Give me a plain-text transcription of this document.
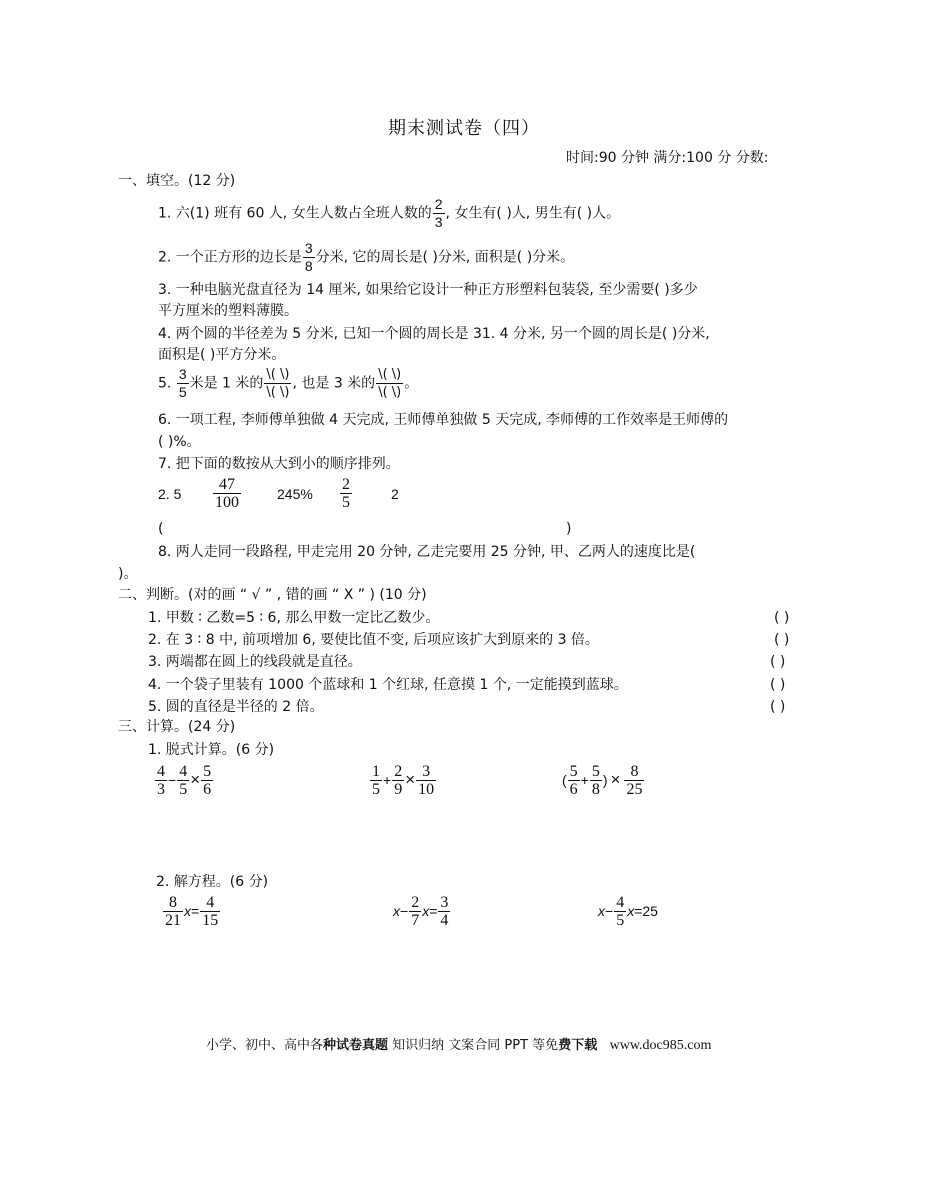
期末测试卷（四）
时间:90 分钟 满分:100 分 分数:
一、填空。(12 分)
1. 六(1) 班有 60 人, 女生人数占全班人数的 $\frac{2}{3}$ , 女生有( )人, 男生有( )人。
2. 一个正方形的边长是 $\frac{3}{8}$ 分米, 它的周长是( )分米, 面积是( )分米。
3. 一种电脑光盘直径为 14 厘米, 如果给它设计一种正方形塑料包装袋, 至少需要( )多少
平方厘米的塑料薄膜。
4. 两个圆的半径差为 5 分米, 已知一个圆的周长是 31. 4 分米, 另一个圆的周长是( )分米,
面积是( )平方分米。
5. $\frac{3}{5}$ 米是 1 米的 $\frac{\backslash( \backslash)}{\backslash( \backslash)}$ , 也是 3 米的 $\frac{\backslash( \backslash)}{\backslash( \backslash)}$ 。
6. 一项工程, 李师傅单独做 4 天完成, 王师傅单独做 5 天完成, 李师傅的工作效率是王师傅的
( )%。
7. 把下面的数按从大到小的顺序排列。
2. $5 \frac{47}{100}$	$245\% \frac{2}{5}$	2
(	)
8. 两人走同一段路程, 甲走完用 20 分钟, 乙走完要用 25 分钟, 甲、乙两人的速度比是(
)。
二、判断。(对的画 “ √ ” , 错的画 “ X ” ) (10 分)
1. 甲数 ∶ 乙数=5 ∶ 6, 那么甲数一定比乙数少。	( )
2. 在 3 ∶ 8 中, 前项增加 6, 要使比值不变, 后项应该扩大到原来的 3 倍。	( )
3. 两端都在圆上的线段就是直径。	( )
4. 一个袋子里装有 1000 个蓝球和 1 个红球, 任意摸 1 个, 一定能摸到蓝球。	( )
5. 圆的直径是半径的 2 倍。	( )
三、计算。(24 分)
1. 脱式计算。(6 分)
$\frac{4}{3} - \frac{4}{5} \times \frac{5}{6}$	$\frac{1}{5} + \frac{2}{9} \times \frac{3}{10}$	( $\frac{5}{6} + \frac{5}{8}$ ) × $\frac{8}{25}$
2. 解方程。(6 分)
$\frac{8}{21} x= \frac{4}{15}$	$x- \frac{2}{7} x= \frac{3}{4}$	$x- \frac{4}{5} x=25$
小学、初中、高中各种试卷真题 知识归纳 文案合同 PPT 等免费下载 www.doc985.com
